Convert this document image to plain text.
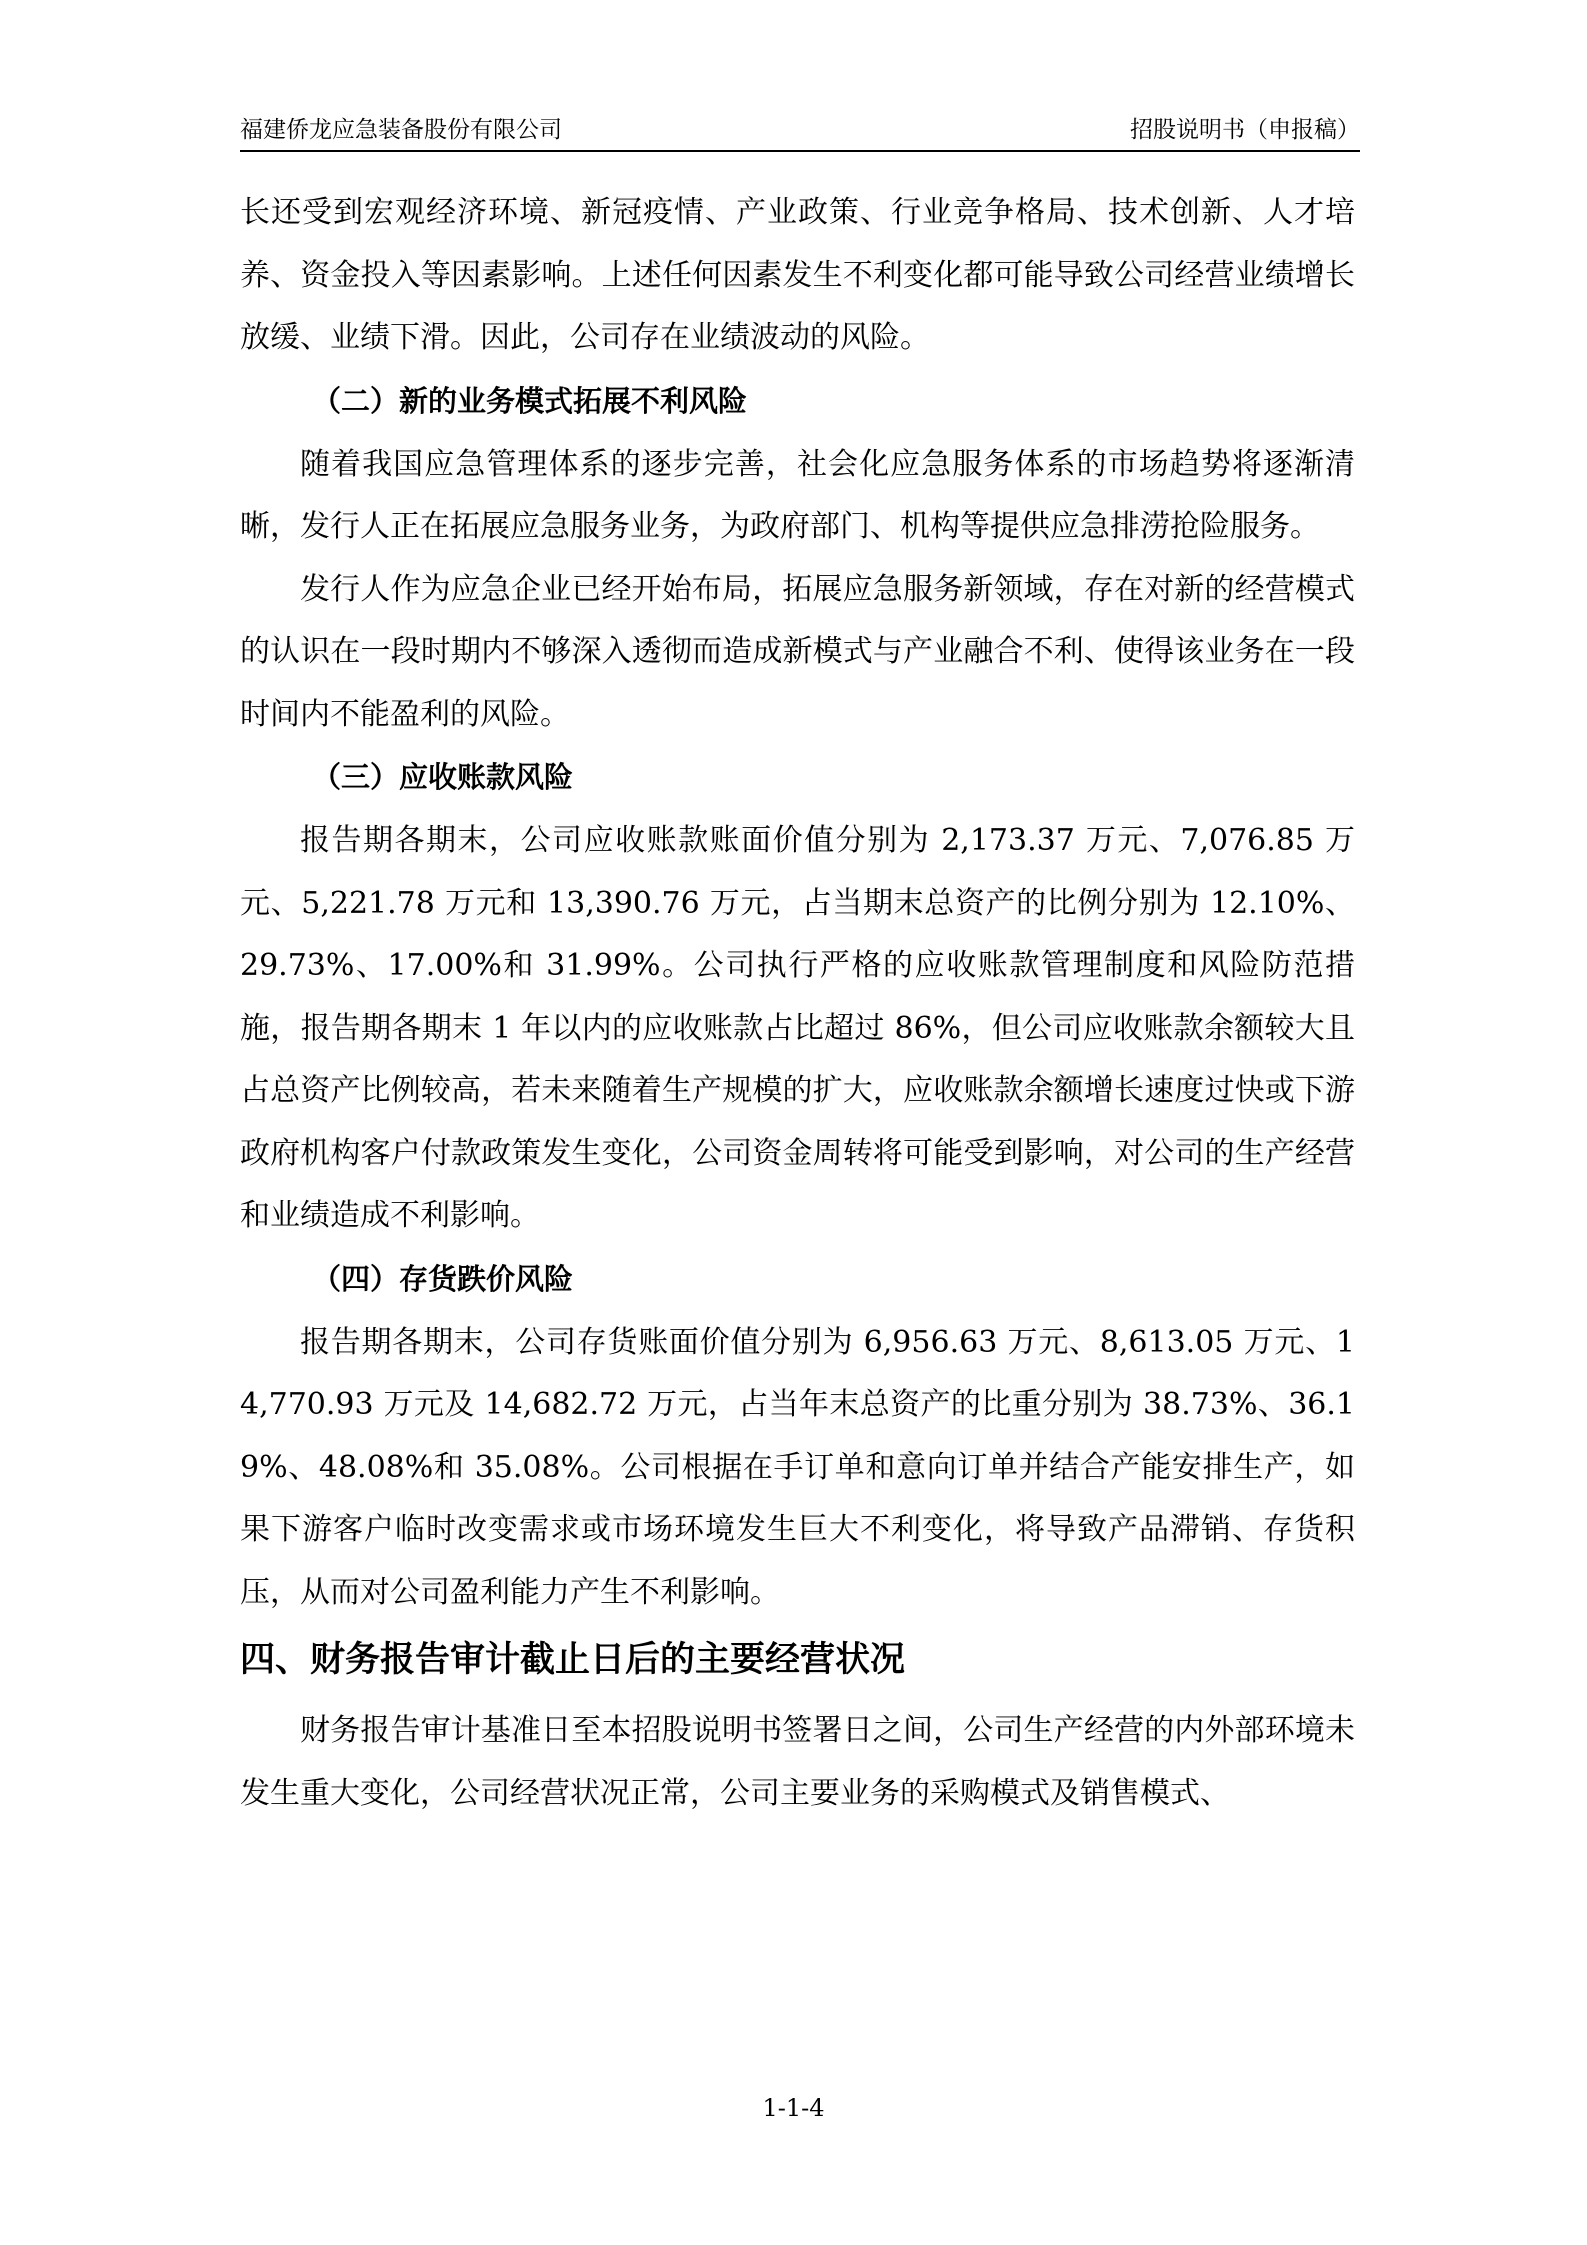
福建侨龙应急装备股份有限公司	招股说明书（申报稿）

长还受到宏观经济环境、新冠疫情、产业政策、行业竞争格局、技术创新、人才培养、资金投入等因素影响。上述任何因素发生不利变化都可能导致公司经营业绩增长放缓、业绩下滑。因此，公司存在业绩波动的风险。

（二）新的业务模式拓展不利风险

随着我国应急管理体系的逐步完善，社会化应急服务体系的市场趋势将逐渐清晰，发行人正在拓展应急服务业务，为政府部门、机构等提供应急排涝抢险服务。

发行人作为应急企业已经开始布局，拓展应急服务新领域，存在对新的经营模式的认识在一段时期内不够深入透彻而造成新模式与产业融合不利、使得该业务在一段时间内不能盈利的风险。

（三）应收账款风险

报告期各期末，公司应收账款账面价值分别为 2,173.37 万元、7,076.85 万元、5,221.78 万元和 13,390.76 万元，占当期末总资产的比例分别为 12.10%、29.73%、17.00%和 31.99%。公司执行严格的应收账款管理制度和风险防范措施，报告期各期末 1 年以内的应收账款占比超过 86%，但公司应收账款余额较大且占总资产比例较高，若未来随着生产规模的扩大，应收账款余额增长速度过快或下游政府机构客户付款政策发生变化，公司资金周转将可能受到影响，对公司的生产经营和业绩造成不利影响。

（四）存货跌价风险

报告期各期末，公司存货账面价值分别为 6,956.63 万元、8,613.05 万元、14,770.93 万元及 14,682.72 万元，占当年末总资产的比重分别为 38.73%、36.19%、48.08%和 35.08%。公司根据在手订单和意向订单并结合产能安排生产，如果下游客户临时改变需求或市场环境发生巨大不利变化，将导致产品滞销、存货积压，从而对公司盈利能力产生不利影响。

四、财务报告审计截止日后的主要经营状况

财务报告审计基准日至本招股说明书签署日之间，公司生产经营的内外部环境未发生重大变化，公司经营状况正常，公司主要业务的采购模式及销售模式、

1-1-4
